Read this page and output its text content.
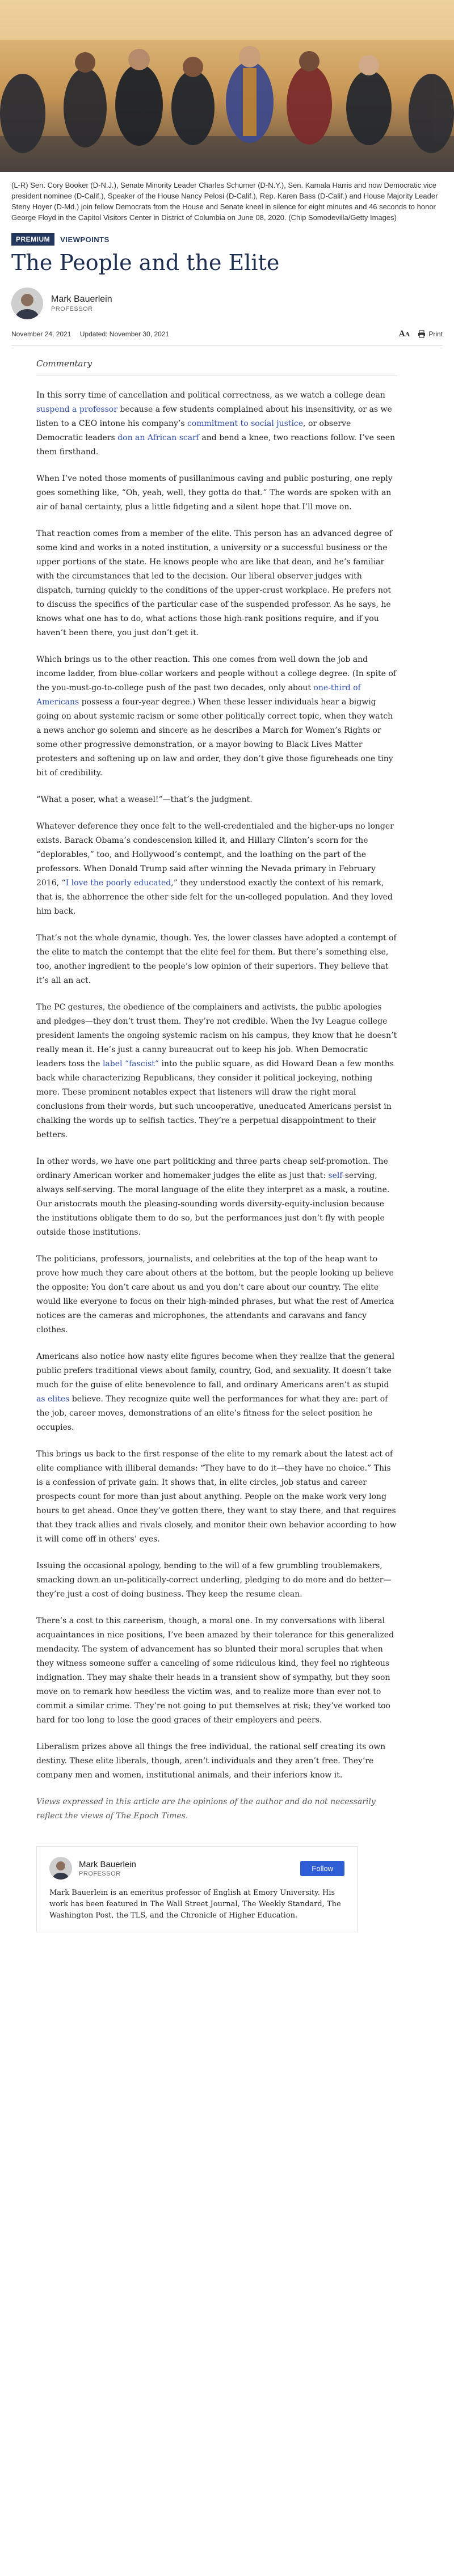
(L-R) Sen. Cory Booker (D-N.J.), Senate Minority Leader Charles Schumer (D-N.Y.), Sen. Kamala Harris and now Democratic vice president nominee (D-Calif.), Speaker of the House Nancy Pelosi (D-Calif.), Rep. Karen Bass (D-Calif.) and House Majority Leader Steny Hoyer (D-Md.) join fellow Democrats from the House and Senate kneel in silence for eight minutes and 46 seconds to honor George Floyd in the Capitol Visitors Center in District of Columbia on June 08, 2020. (Chip Somodevilla/Getty Images)
PREMIUM	VIEWPOINTS
The People and the Elite
Mark Bauerlein
PROFESSOR
November 24, 2021 Updated: November 30, 2021	AA	Print
Commentary

In this sorry time of cancellation and political correctness, as we watch a college dean suspend a professor because a few students complained about his insensitivity, or as we listen to a CEO intone his company’s commitment to social justice, or observe Democratic leaders don an African scarf and bend a knee, two reactions follow. I’ve seen them firsthand.

When I’ve noted those moments of pusillanimous caving and public posturing, one reply goes something like, “Oh, yeah, well, they gotta do that.” The words are spoken with an air of banal certainty, plus a little fidgeting and a silent hope that I’ll move on.

That reaction comes from a member of the elite. This person has an advanced degree of some kind and works in a noted institution, a university or a successful business or the upper portions of the state. He knows people who are like that dean, and he’s familiar with the circumstances that led to the decision. Our liberal observer judges with dispatch, turning quickly to the conditions of the upper-crust workplace. He prefers not to discuss the specifics of the particular case of the suspended professor. As he says, he knows what one has to do, what actions those high-rank positions require, and if you haven’t been there, you just don’t get it.

Which brings us to the other reaction. This one comes from well down the job and income ladder, from blue-collar workers and people without a college degree. (In spite of the you-must-go-to-college push of the past two decades, only about one-third of Americans possess a four-year degree.) When these lesser individuals hear a bigwig going on about systemic racism or some other politically correct topic, when they watch a news anchor go solemn and sincere as he describes a March for Women’s Rights or some other progressive demonstration, or a mayor bowing to Black Lives Matter protesters and softening up on law and order, they don’t give those figureheads one tiny bit of credibility.

“What a poser, what a weasel!”—that’s the judgment.

Whatever deference they once felt to the well-credentialed and the higher-ups no longer exists. Barack Obama’s condescension killed it, and Hillary Clinton’s scorn for the “deplorables,” too, and Hollywood’s contempt, and the loathing on the part of the professors. When Donald Trump said after winning the Nevada primary in February 2016, “I love the poorly educated,” they understood exactly the context of his remark, that is, the abhorrence the other side felt for the un-colleged population. And they loved him back.

That’s not the whole dynamic, though. Yes, the lower classes have adopted a contempt of the elite to match the contempt that the elite feel for them. But there’s something else, too, another ingredient to the people’s low opinion of their superiors. They believe that it’s all an act.

The PC gestures, the obedience of the complainers and activists, the public apologies and pledges—they don’t trust them. They’re not credible. When the Ivy League college president laments the ongoing systemic racism on his campus, they know that he doesn’t really mean it. He’s just a canny bureaucrat out to keep his job. When Democratic leaders toss the label “fascist” into the public square, as did Howard Dean a few months back while characterizing Republicans, they consider it political jockeying, nothing more. These prominent notables expect that listeners will draw the right moral conclusions from their words, but such uncooperative, uneducated Americans persist in chalking the words up to selfish tactics. They’re a perpetual disappointment to their betters.

In other words, we have one part politicking and three parts cheap self-promotion. The ordinary American worker and homemaker judges the elite as just that: self-serving, always self-serving. The moral language of the elite they interpret as a mask, a routine. Our aristocrats mouth the pleasing-sounding words diversity-equity-inclusion because the institutions obligate them to do so, but the performances just don’t fly with people outside those institutions.

The politicians, professors, journalists, and celebrities at the top of the heap want to prove how much they care about others at the bottom, but the people looking up believe the opposite: You don’t care about us and you don’t care about our country. The elite would like everyone to focus on their high-minded phrases, but what the rest of America notices are the cameras and microphones, the attendants and caravans and fancy clothes.

Americans also notice how nasty elite figures become when they realize that the general public prefers traditional views about family, country, God, and sexuality. It doesn’t take much for the guise of elite benevolence to fall, and ordinary Americans aren’t as stupid as elites believe. They recognize quite well the performances for what they are: part of the job, career moves, demonstrations of an elite’s fitness for the select position he occupies.

This brings us back to the first response of the elite to my remark about the latest act of elite compliance with illiberal demands: “They have to do it—they have no choice.” This is a confession of private gain. It shows that, in elite circles, job status and career prospects count for more than just about anything. People on the make work very long hours to get ahead. Once they’ve gotten there, they want to stay there, and that requires that they track allies and rivals closely, and monitor their own behavior according to how it will come off in others’ eyes.

Issuing the occasional apology, bending to the will of a few grumbling troublemakers, smacking down an un-politically-correct underling, pledging to do more and do better—they’re just a cost of doing business. They keep the resume clean.

There’s a cost to this careerism, though, a moral one. In my conversations with liberal acquaintances in nice positions, I’ve been amazed by their tolerance for this generalized mendacity. The system of advancement has so blunted their moral scruples that when they witness someone suffer a canceling of some ridiculous kind, they feel no righteous indignation. They may shake their heads in a transient show of sympathy, but they soon move on to remark how heedless the victim was, and to realize more than ever not to commit a similar crime. They’re not going to put themselves at risk; they’ve worked too hard for too long to lose the good graces of their employers and peers.

Liberalism prizes above all things the free individual, the rational self creating its own destiny. These elite liberals, though, aren’t individuals and they aren’t free. They’re company men and women, institutional animals, and their inferiors know it.

Views expressed in this article are the opinions of the author and do not necessarily reflect the views of The Epoch Times.

Mark Bauerlein
PROFESSOR
Follow
Mark Bauerlein is an emeritus professor of English at Emory University. His work has been featured in The Wall Street Journal, The Weekly Standard, The Washington Post, the TLS, and the Chronicle of Higher Education.
